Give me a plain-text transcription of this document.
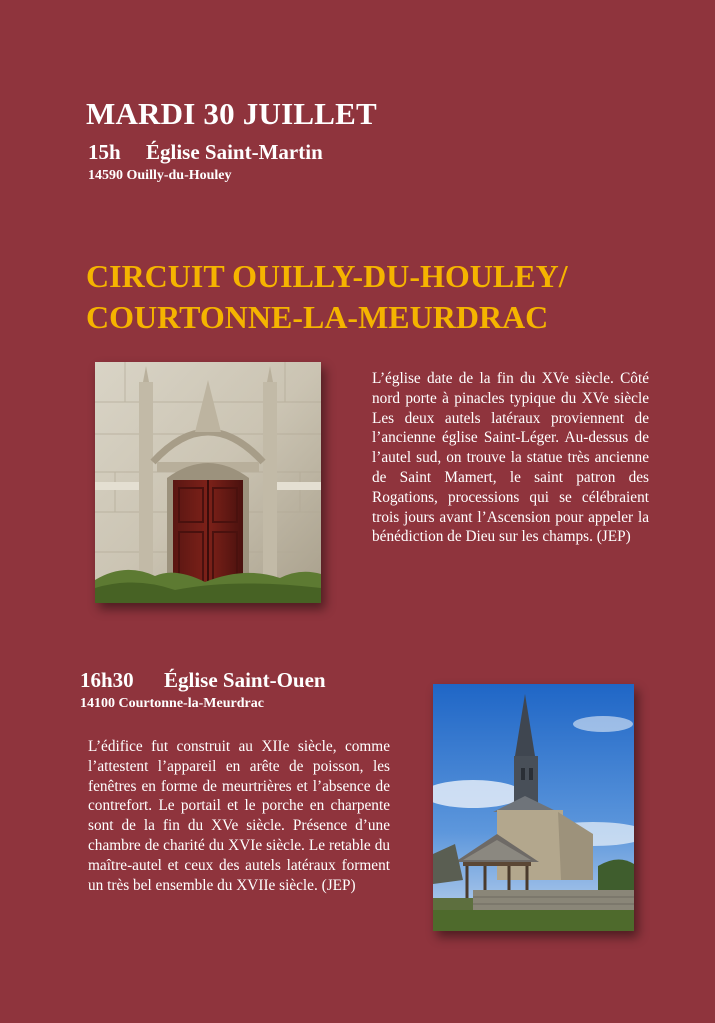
MARDI 30 JUILLET
15h Église Saint-Martin
14590 Ouilly-du-Houley
CIRCUIT OUILLY-DU-HOULEY/
COURTONNE-LA-MEURDRAC
L’église date de la fin du XVe siècle. Côté nord porte à pinacles typique du XVe siècle Les deux autels latéraux proviennent de l’ancienne église Saint-Léger. Au-dessus de l’autel sud, on trouve la statue très ancienne de Saint Mamert, le saint patron des Rogations, processions qui se célébraient trois jours avant l’Ascension pour appeler la bénédiction de Dieu sur les champs. (JEP)
16h30 Église Saint-Ouen
14100 Courtonne-la-Meurdrac
L’édifice fut construit au XIIe siècle, comme l’attestent l’appareil en arête de poisson, les fenêtres en forme de meurtrières et l’absence de contrefort. Le portail et le porche en charpente sont de la fin du XVe siècle. Présence d’une chambre de charité du XVIe siècle. Le retable du maître-autel et ceux des autels latéraux forment un très bel ensemble du XVIIe siècle. (JEP)
